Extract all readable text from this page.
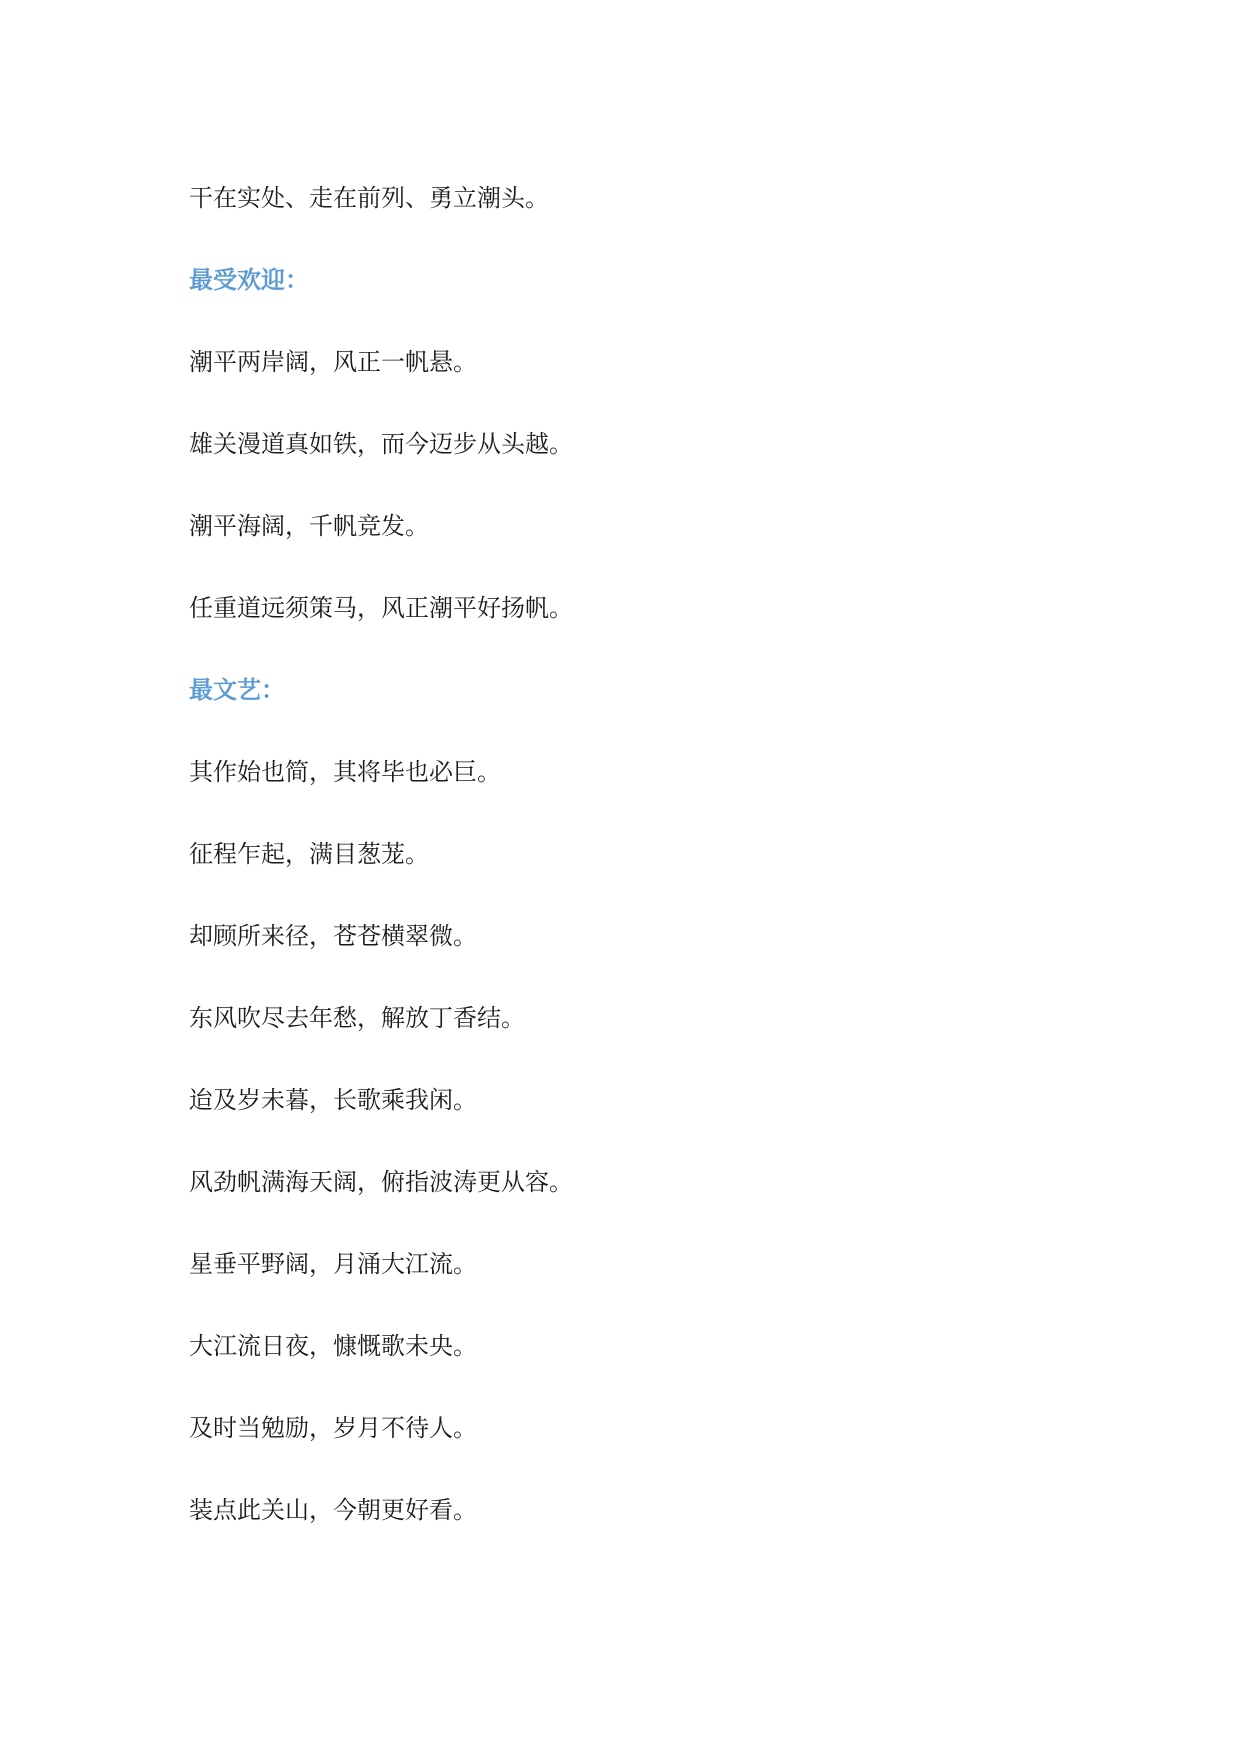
干在实处、走在前列、勇立潮头。
最受欢迎：
潮平两岸阔，风正一帆悬。
雄关漫道真如铁，而今迈步从头越。
潮平海阔，千帆竞发。
任重道远须策马，风正潮平好扬帆。
最文艺：
其作始也简，其将毕也必巨。
征程乍起，满目葱茏。
却顾所来径，苍苍横翠微。
东风吹尽去年愁，解放丁香结。
迨及岁未暮，长歌乘我闲。
风劲帆满海天阔，俯指波涛更从容。
星垂平野阔，月涌大江流。
大江流日夜，慷慨歌未央。
及时当勉励，岁月不待人。
装点此关山，今朝更好看。
